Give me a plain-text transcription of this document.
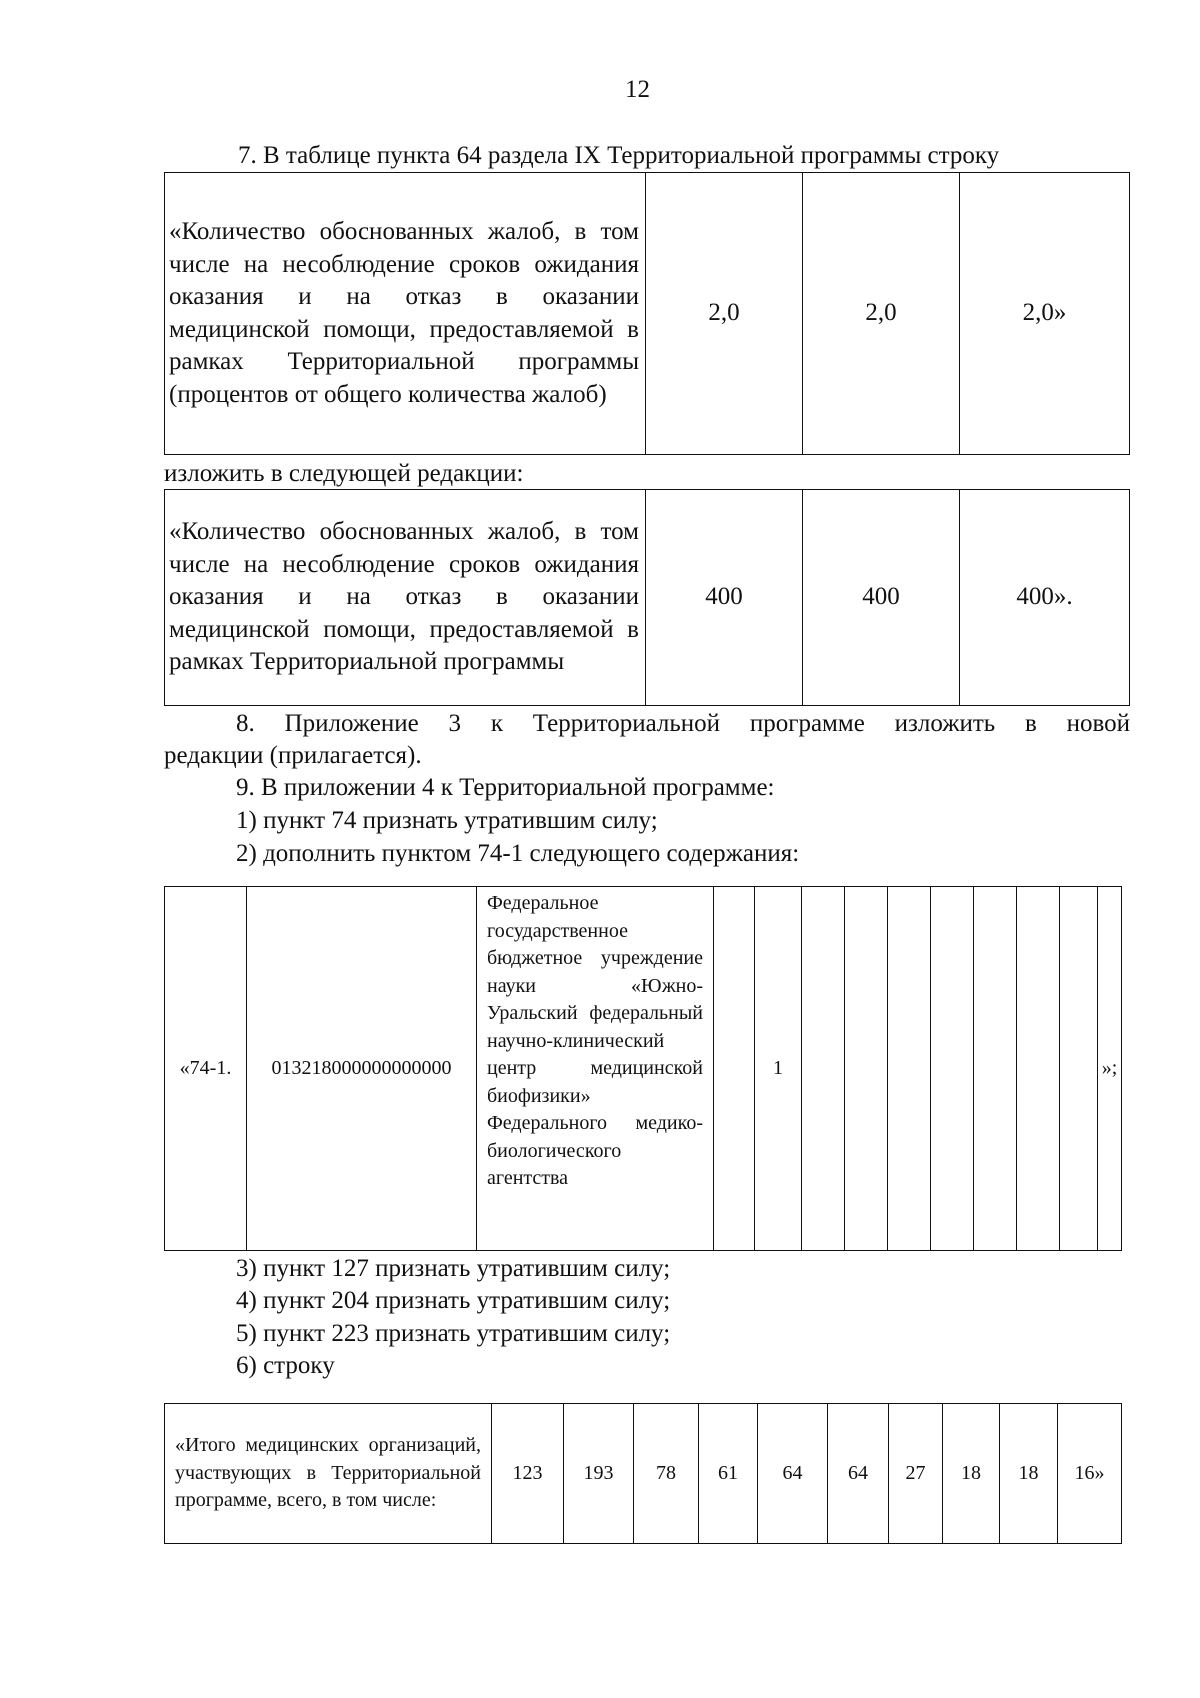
12
7. В таблице пункта 64 раздела IX Территориальной программы строку
«Количество обоснованных жалоб, в том числе на несоблюдение сроков ожидания оказания и на отказ в оказании медицинской помощи, предоставляемой в рамках Территориальной программы (процентов от общего количества жалоб)	2,0	2,0	2,0»
изложить в следующей редакции:
«Количество обоснованных жалоб, в том числе на несоблюдение сроков ожидания оказания и на отказ в оказании медицинской помощи, предоставляемой в рамках Территориальной программы	400	400	400».
8. Приложение 3 к Территориальной программе изложить в новой
редакции (прилагается).
9. В приложении 4 к Территориальной программе:
1) пункт 74 признать утратившим силу;
2) дополнить пунктом 74-1 следующего содержания:
«74-1.	013218000000000000	Федеральное государственное бюджетное учреждение науки «Южно-Уральский федеральный научно-клинический центр медицинской биофизики» Федерального медико-биологического агентства		1								»;
3) пункт 127 признать утратившим силу;
4) пункт 204 признать утратившим силу;
5) пункт 223 признать утратившим силу;
6) строку
«Итого медицинских организаций, участвующих в Территориальной программе, всего, в том числе:	123	193	78	61	64	64	27	18	18	16»
